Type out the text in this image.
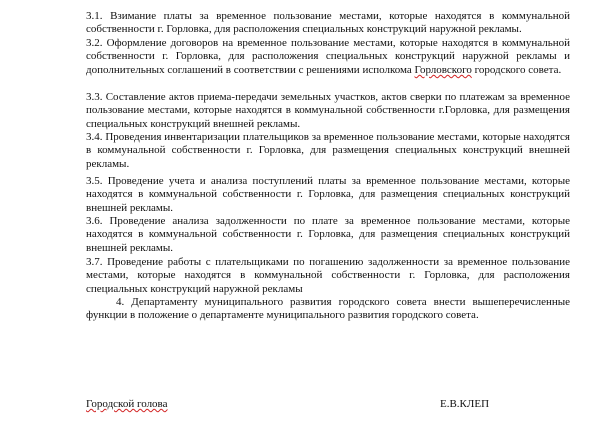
3.1. Взимание платы за временное пользование местами, которые находятся в коммунальной собственности г. Горловка, для расположения специальных конструкций наружной рекламы.

3.2. Оформление договоров на временное пользование местами, которые находятся в коммунальной собственности г. Горловка, для расположения специальных конструкций наружной рекламы и дополнительных соглашений в соответствии с решениями исполкома Горловского городского совета.

3.3. Составление актов приема-передачи земельных участков, актов сверки по платежам за временное пользование местами, которые находятся в коммунальной собственности г.Горловка, для размещения специальных конструкций внешней рекламы.

3.4. Проведения инвентаризации плательщиков за временное пользование местами, которые находятся в коммунальной собственности г. Горловка, для размещения специальных конструкций внешней рекламы.

3.5. Проведение учета и анализа поступлений платы за временное пользование местами, которые находятся в коммунальной собственности г. Горловка, для размещения специальных конструкций внешней рекламы.

3.6. Проведение анализа задолженности по плате за временное пользование местами, которые находятся в коммунальной собственности г. Горловка, для размещения специальных конструкций внешней рекламы.

3.7. Проведение работы с плательщиками по погашению задолженности за временное пользование местами, которые находятся в коммунальной собственности г. Горловка, для расположения специальных конструкций наружной рекламы

4. Департаменту муниципального развития городского совета внести вышеперечисленные функции в положение о департаменте муниципального развития городского совета.

Городской голова	Е.В.КЛЕП
